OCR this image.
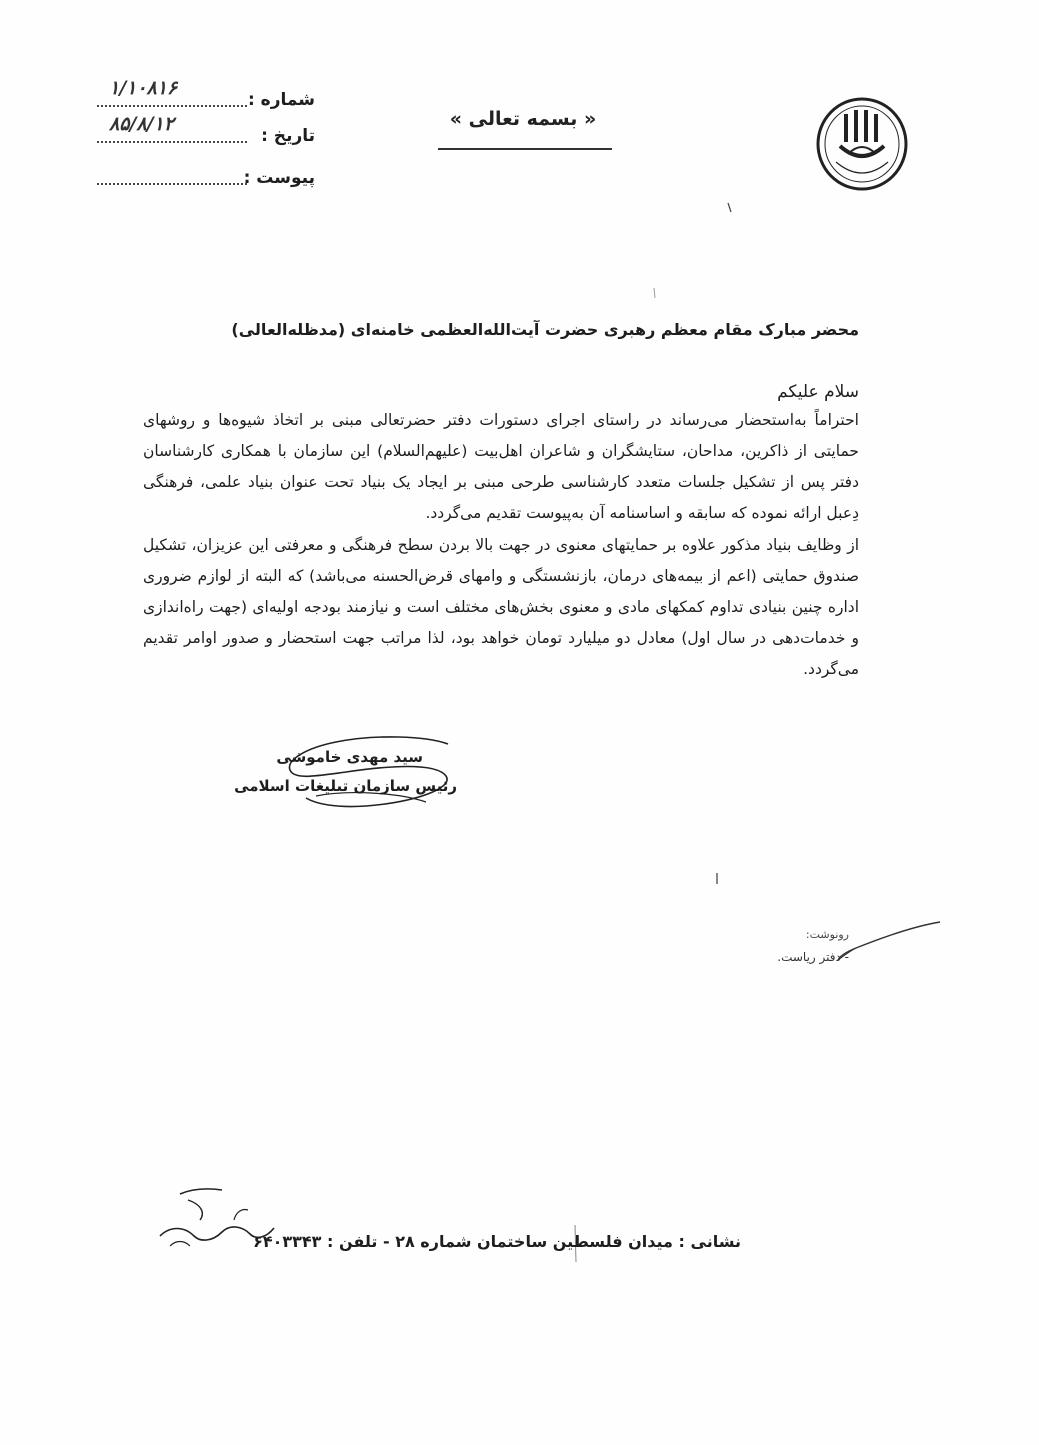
« بسمه تعالی »
شماره :
۱/۱۰۸۱۶
تاریخ :
۸۵/۸/۱۲
پیوست :
محضر مبارک مقام معظم رهبری حضرت آیت‌الله‌العظمی خامنه‌ای (مدظله‌العالی)
سلام علیکم
احتراماً به‌استحضار می‌رساند در راستای اجرای دستورات دفتر حضرتعالی مبنی بر اتخاذ شیوه‌ها و روشهای حمایتی از ذاکرین، مداحان، ستایشگران و شاعران اهل‌بیت (علیهم‌السلام) این سازمان با همکاری کارشناسان دفتر پس از تشکیل جلسات متعدد کارشناسی طرحی مبنی بر ایجاد یک بنیاد تحت عنوان بنیاد علمی، فرهنگی دِعبل ارائه نموده که سابقه و اساسنامه آن به‌پیوست تقدیم می‌گردد.
از وظایف بنیاد مذکور علاوه بر حمایتهای معنوی در جهت بالا بردن سطح فرهنگی و معرفتی این عزیزان، تشکیل صندوق حمایتی (اعم از بیمه‌های درمان، بازنشستگی و وامهای قرض‌الحسنه می‌باشد) که البته از لوازم ضروری اداره چنین بنیادی تداوم کمکهای مادی و معنوی بخش‌های مختلف است و نیازمند بودجه اولیه‌ای (جهت راه‌اندازی و خدمات‌دهی در سال اول) معادل دو میلیارد تومان خواهد بود، لذا مراتب جهت استحضار و صدور اوامر تقدیم می‌گردد.
سید مهدی خاموشی
رئیس سازمان تبلیغات اسلامی
رونوشت:
- دفتر ریاست.
نشانی : میدان فلسطین ساختمان شماره ۲۸ - تلفن : ۶۴۰۳۳۴۳
